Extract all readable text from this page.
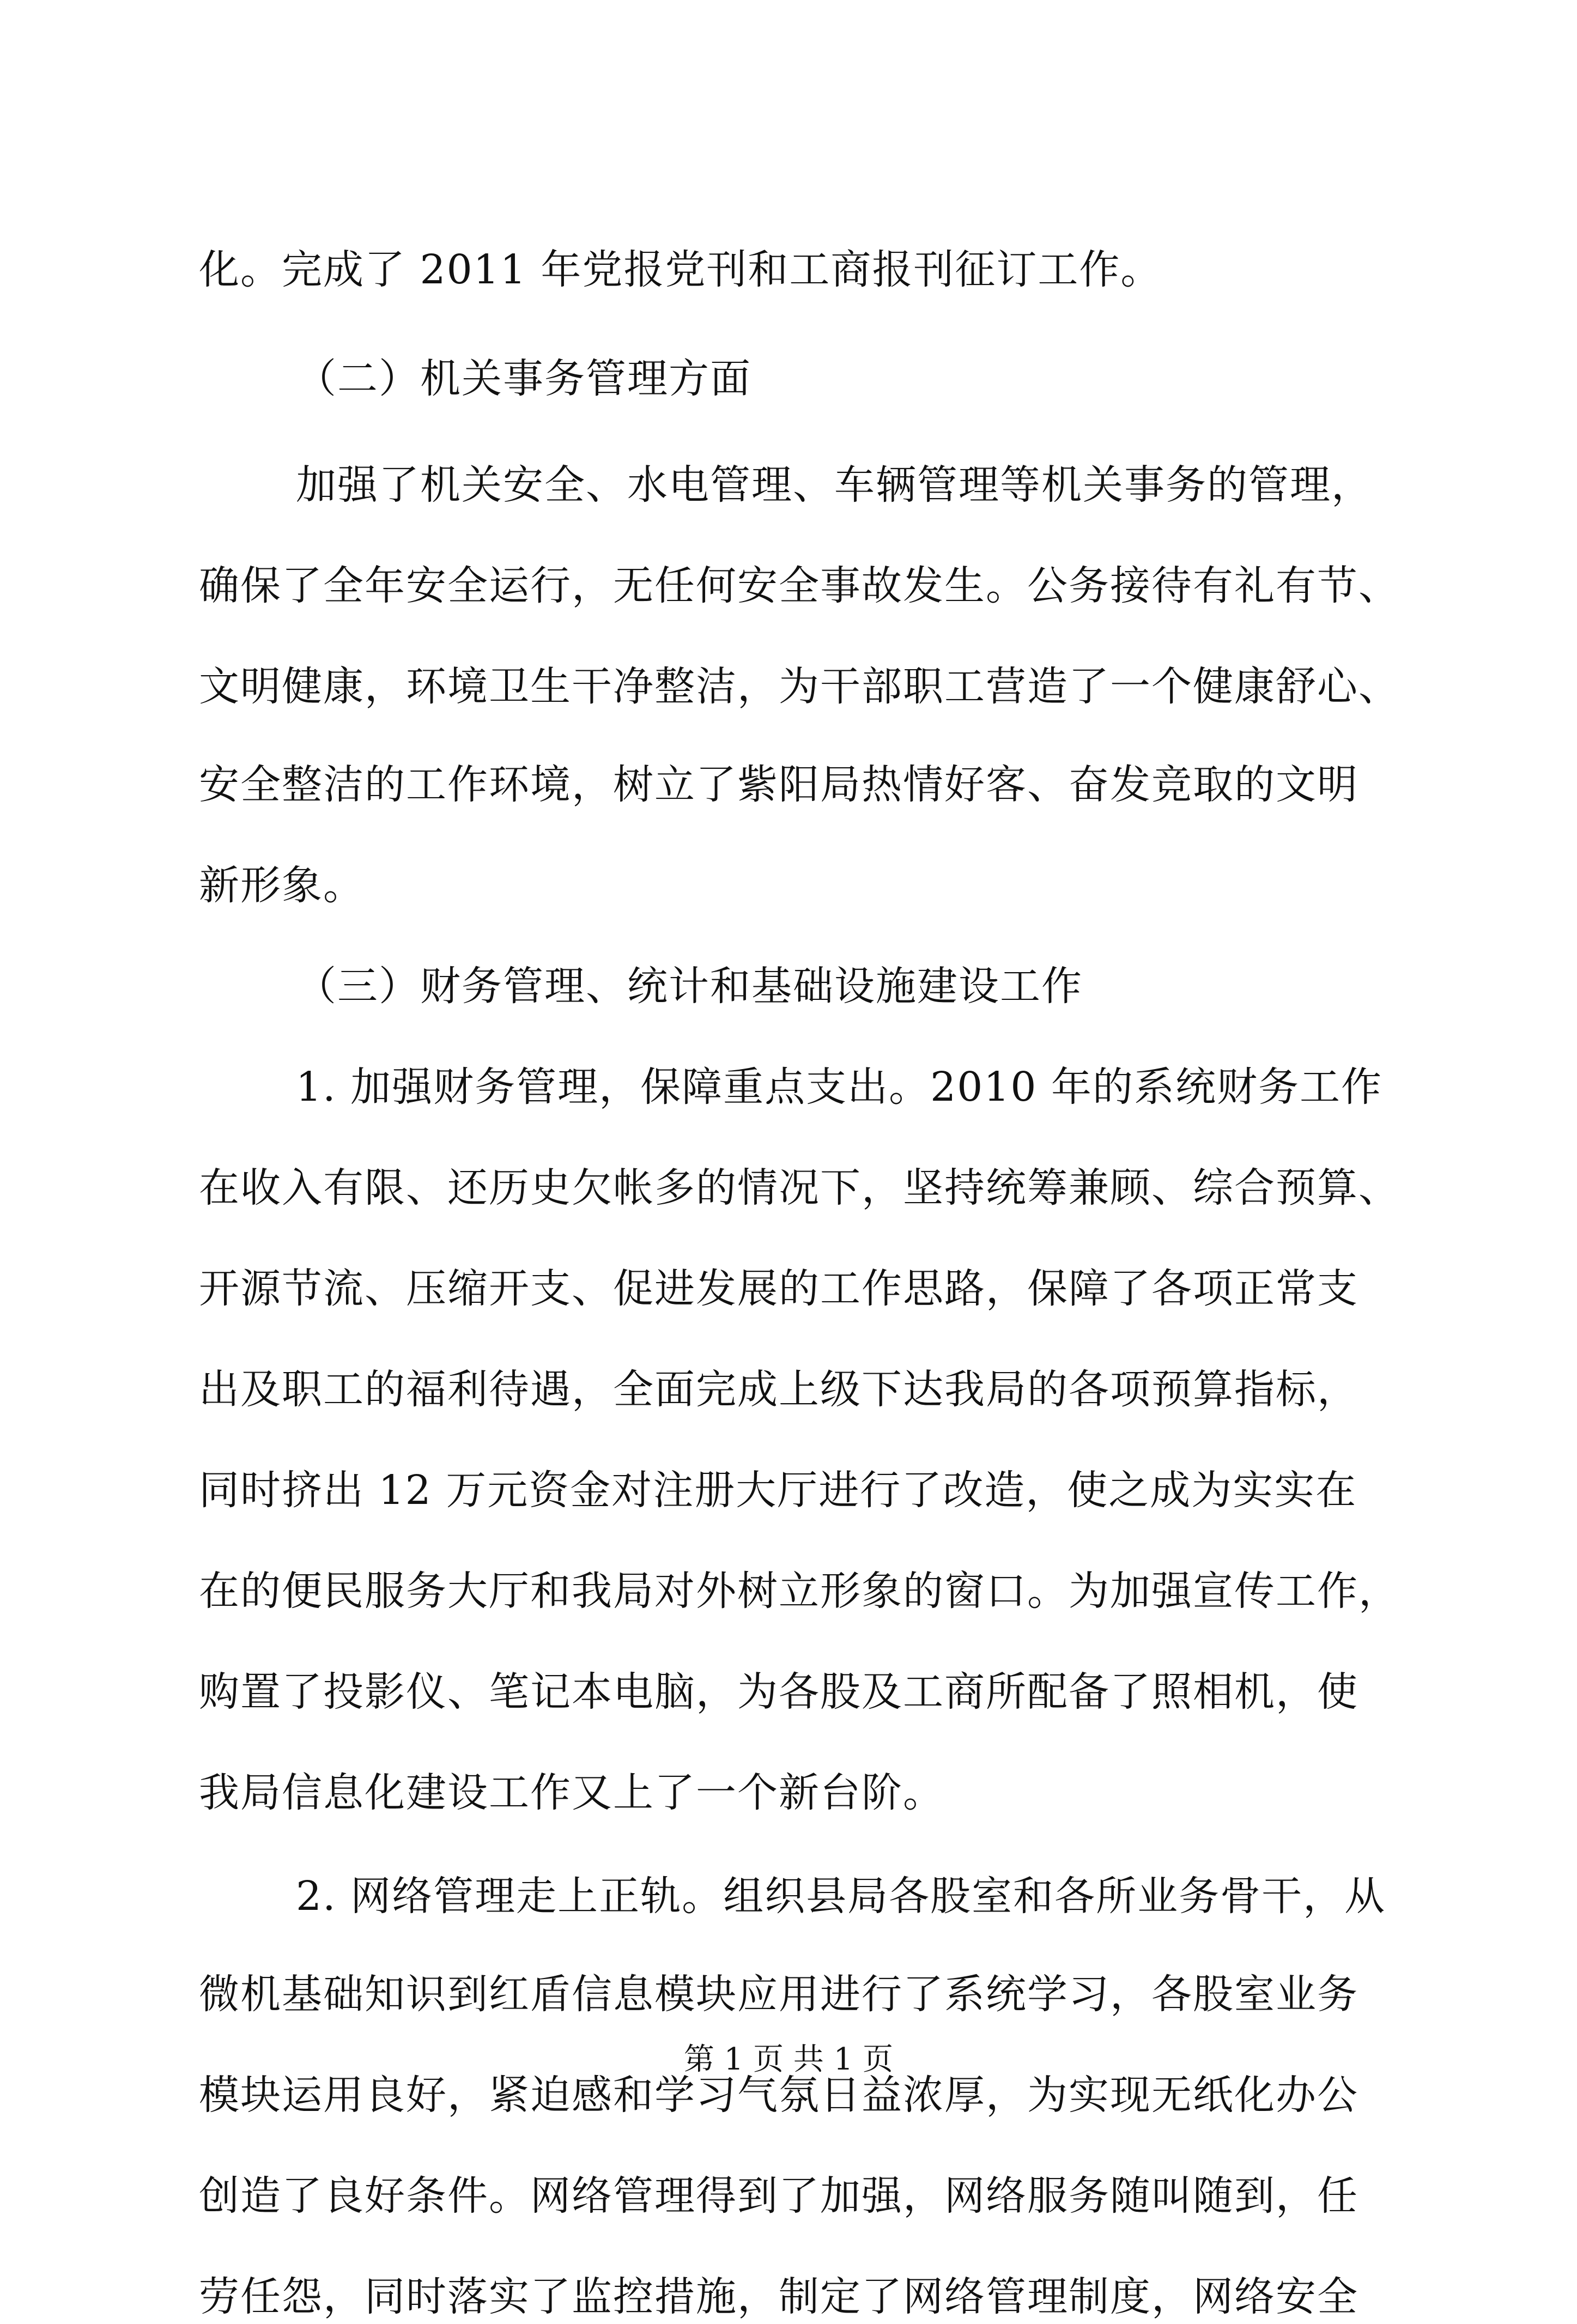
化。完成了 2011 年党报党刊和工商报刊征订工作。
（二）机关事务管理方面
加强了机关安全、水电管理、车辆管理等机关事务的管理，
确保了全年安全运行，无任何安全事故发生。公务接待有礼有节、
文明健康，环境卫生干净整洁，为干部职工营造了一个健康舒心、
安全整洁的工作环境，树立了紫阳局热情好客、奋发竞取的文明
新形象。
（三）财务管理、统计和基础设施建设工作
1. 加强财务管理，保障重点支出。2010 年的系统财务工作
在收入有限、还历史欠帐多的情况下，坚持统筹兼顾、综合预算、
开源节流、压缩开支、促进发展的工作思路，保障了各项正常支
出及职工的福利待遇，全面完成上级下达我局的各项预算指标，
同时挤出 12 万元资金对注册大厅进行了改造，使之成为实实在
在的便民服务大厅和我局对外树立形象的窗口。为加强宣传工作，
购置了投影仪、笔记本电脑，为各股及工商所配备了照相机，使
我局信息化建设工作又上了一个新台阶。
2. 网络管理走上正轨。组织县局各股室和各所业务骨干，从
微机基础知识到红盾信息模块应用进行了系统学习，各股室业务
模块运用良好，紧迫感和学习气氛日益浓厚，为实现无纸化办公
创造了良好条件。网络管理得到了加强，网络服务随叫随到，任
劳任怨，同时落实了监控措施，制定了网络管理制度，网络安全
第 1 页 共 1 页
